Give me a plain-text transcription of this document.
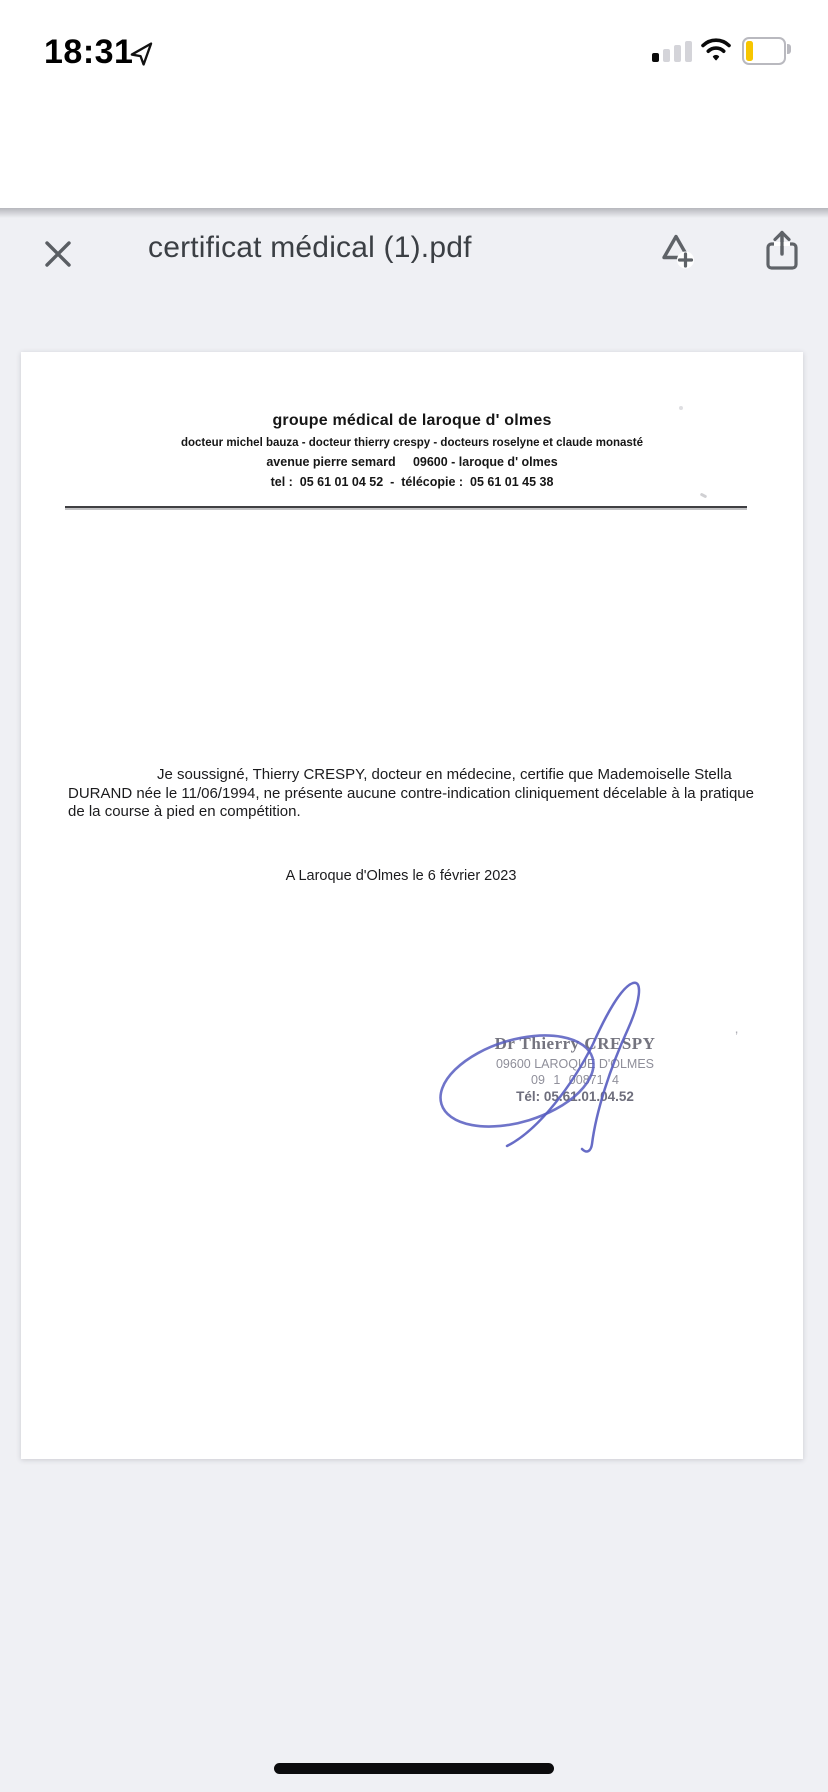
18:31
certificat médical (1).pdf
groupe médical de laroque d' olmes
docteur michel bauza - docteur thierry crespy - docteurs roselyne et claude monasté
avenue pierre semard     09600 - laroque d' olmes
tel :  05 61 01 04 52  -  télécopie :  05 61 01 45 38
Je soussigné, Thierry CRESPY, docteur en médecine, certifie que Mademoiselle Stella
DURAND née le 11/06/1994, ne présente aucune contre-indication cliniquement décelable à la pratique
de la course à pied en compétition.
A Laroque d'Olmes le 6 février 2023
Dr Thierry CRESPY
09600 LAROQUE D'OLMES
09 1 00871 4
Tél: 05.61.01.04.52
’
